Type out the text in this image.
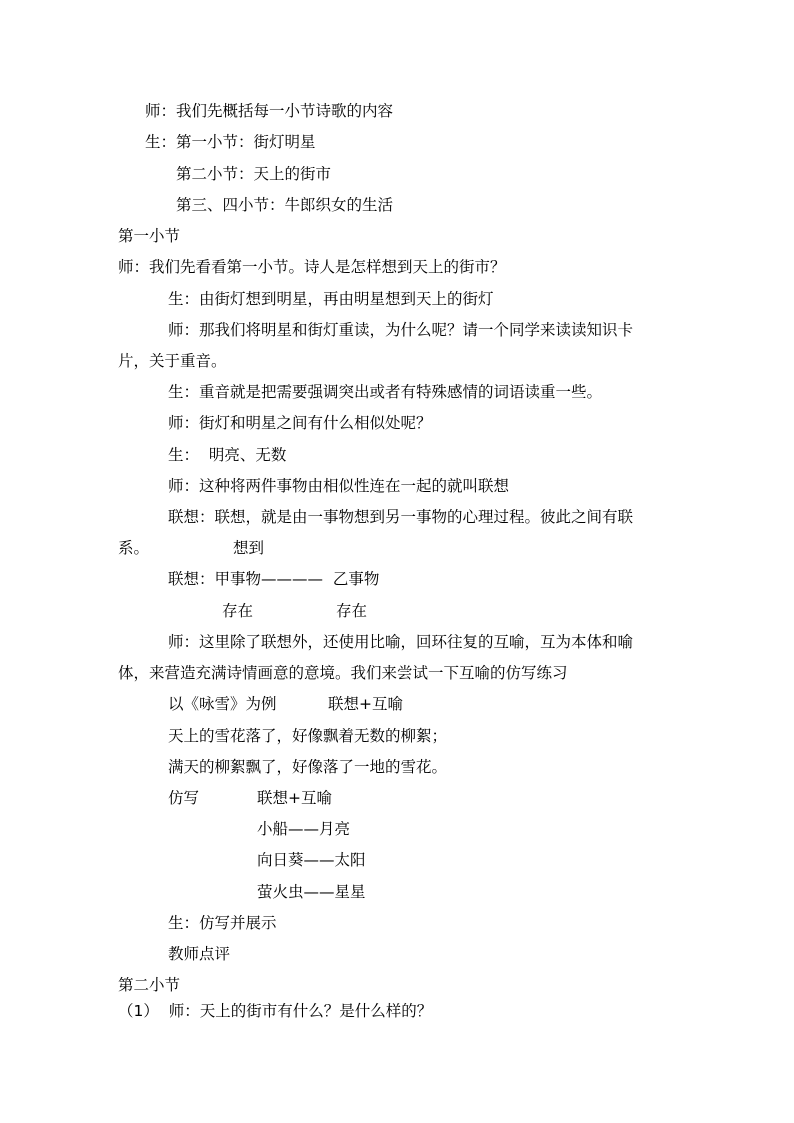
师：我们先概括每一小节诗歌的内容
生：第一小节：街灯明星
第二小节：天上的街市
第三、四小节：牛郎织女的生活
第一小节
师：我们先看看第一小节。诗人是怎样想到天上的街市？
生：由街灯想到明星，再由明星想到天上的街灯
师：那我们将明星和街灯重读，为什么呢？请一个同学来读读知识卡
片，关于重音。
生：重音就是把需要强调突出或者有特殊感情的词语读重一些。
师：街灯和明星之间有什么相似处呢？
生：  明亮、无数
师：这种将两件事物由相似性连在一起的就叫联想
联想：联想，就是由一事物想到另一事物的心理过程。彼此之间有联
系。	想到
联想：甲事物————  乙事物
存在	存在
师：这里除了联想外，还使用比喻，回环往复的互喻，互为本体和喻
体，来营造充满诗情画意的意境。我们来尝试一下互喻的仿写练习
以《咏雪》为例	联想+互喻
天上的雪花落了，好像飘着无数的柳絮；
满天的柳絮飘了，好像落了一地的雪花。
仿写	联想+互喻
小船——月亮
向日葵——太阳
萤火虫——星星
生：仿写并展示
教师点评
第二小节
（1）  师：天上的街市有什么？是什么样的？
